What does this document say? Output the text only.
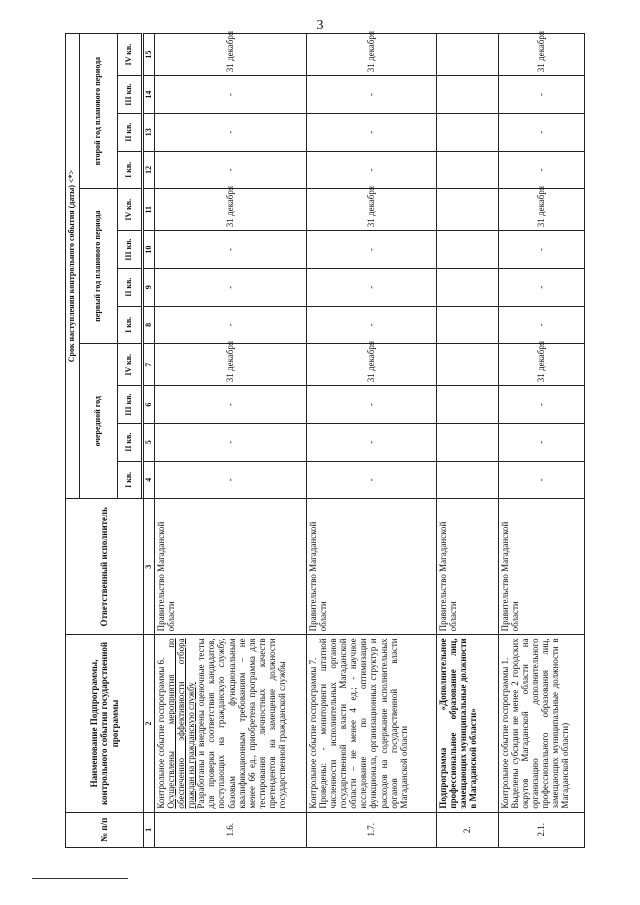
3
№ п/п	Наименование Подпрограммы, контрольного события государственной программы	Ответственный исполнитель	Срок наступления контрольного события (даты) <*>											
			очередной год				первый год планового периода				второй год планового периода			
			I кв.	II кв.	III кв.	IV кв.	I кв.	II кв.	III кв.	IV кв.	I кв.	II кв.	III кв.	IV кв.

1	2	3	4	5	6	7	8	9	10	11	12	13	14	15
1.6.	Контрольное событие госпрограммы 6.
Осуществлены мероприятия по обеспечению эффективности отбора граждан на гражданскую службу
Разработаны и внедрены оценочные тесты для проверки соответствия кандидатов, поступающих на гражданскую службу, базовым функциональным квалификационным требованиям – не менее 66 ед., приобретена программа для тестирования личностных качеств претендентов на замещение должности государственной гражданской службы	Правительство Магаданской области	-	-	-	31 декабря	-	-	-	31 декабря	-	-	-	31 декабря
1.7.	Контрольное событие госпрограммы 7.
Проведены: - мониторинги штатной численности исполнительных органов государственной власти Магаданской области – не менее 4 ед.; - научное исследование по оптимизации функционала, организационных структур и расходов на содержание исполнительных органов государственной власти Магаданской области	Правительство Магаданской области	-	-	-	31 декабря	-	-	-	31 декабря	-	-	-	31 декабря
2.	Подпрограмма «Дополнительное профессиональное образование лиц, замещающих муниципальные должности в Магаданской области»	Правительство Магаданской области												
2.1.	Контрольное событие госпрограммы 1.
Выделены субсидии не менее 2 городских округов Магаданской области на организацию дополнительного профессионального образования лиц, замещающих муниципальные должности в Магаданской области)	Правительство Магаданской области	-	-	-	31 декабря	-	-	-	31 декабря	-	-	-	31 декабря
